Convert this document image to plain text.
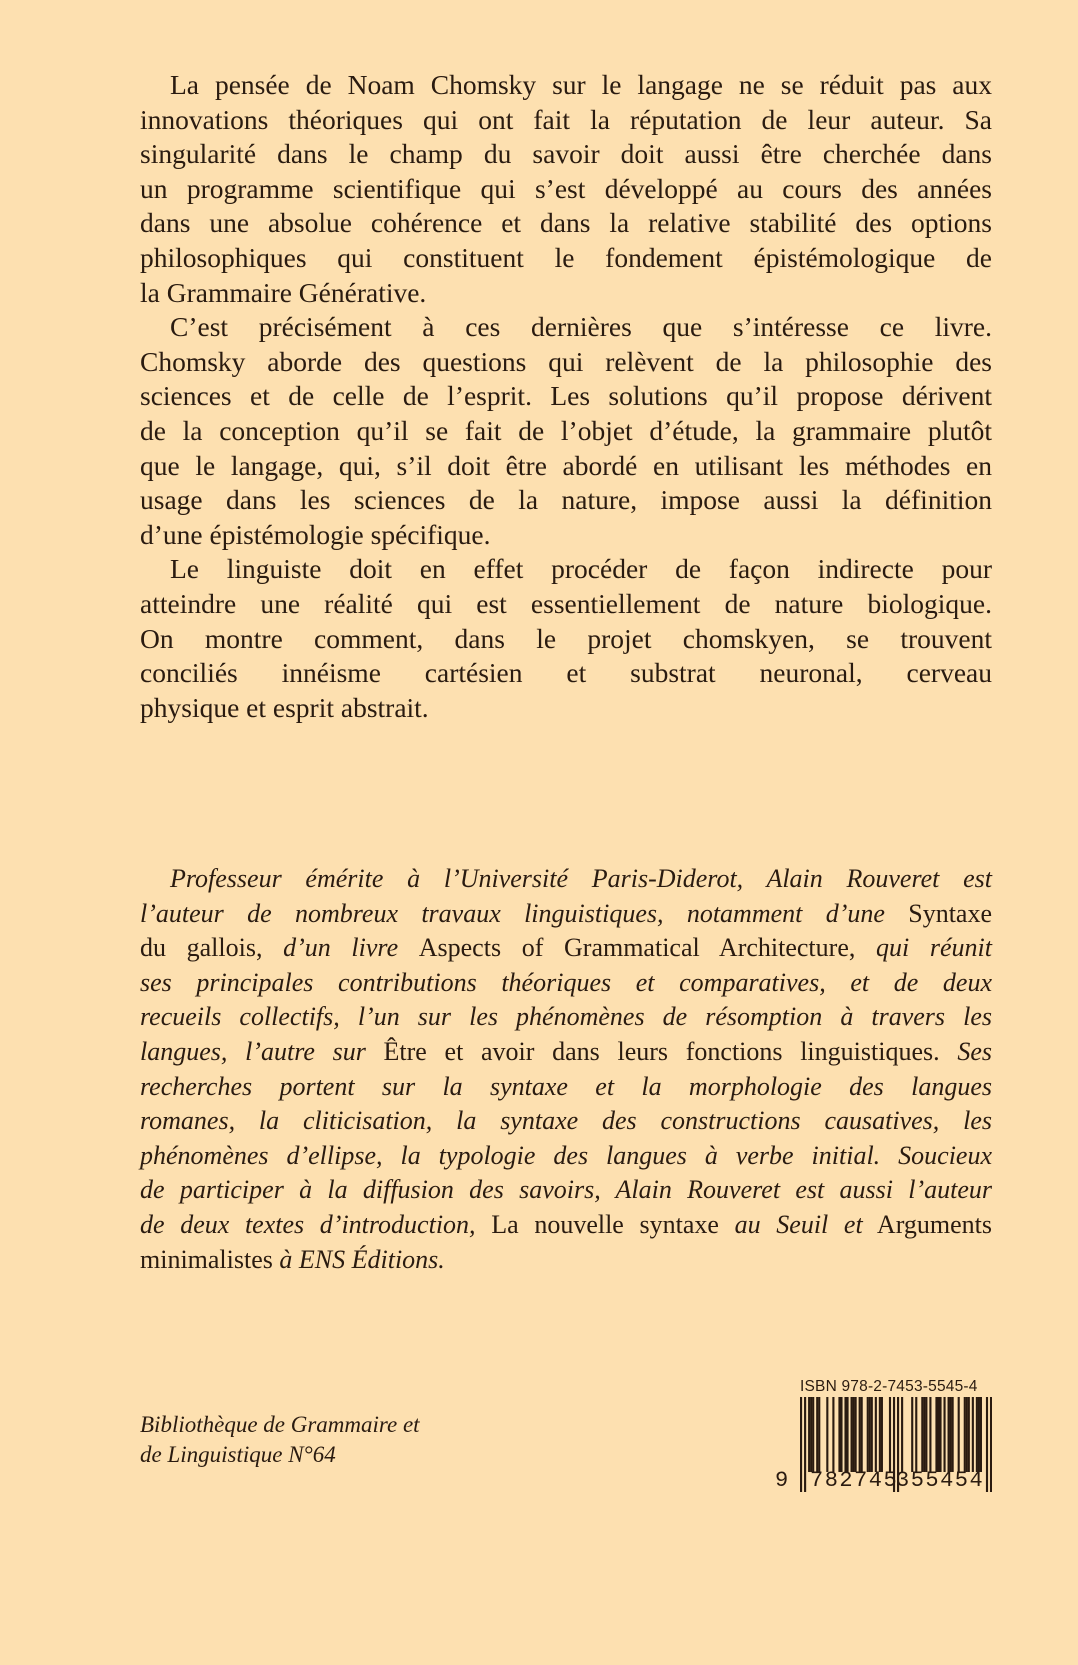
La pensée de Noam Chomsky sur le langage ne se réduit pas aux
innovations théoriques qui ont fait la réputation de leur auteur. Sa
singularité dans le champ du savoir doit aussi être cherchée dans
un programme scientifique qui s’est développé au cours des années
dans une absolue cohérence et dans la relative stabilité des options
philosophiques qui constituent le fondement épistémologique de
la Grammaire Générative.
C’est précisément à ces dernières que s’intéresse ce livre.
Chomsky aborde des questions qui relèvent de la philosophie des
sciences et de celle de l’esprit. Les solutions qu’il propose dérivent
de la conception qu’il se fait de l’objet d’étude, la grammaire plutôt
que le langage, qui, s’il doit être abordé en utilisant les méthodes en
usage dans les sciences de la nature, impose aussi la définition
d’une épistémologie spécifique.
Le linguiste doit en effet procéder de façon indirecte pour
atteindre une réalité qui est essentiellement de nature biologique.
On montre comment, dans le projet chomskyen, se trouvent
conciliés innéisme cartésien et substrat neuronal, cerveau
physique et esprit abstrait.
Professeur émérite à l’Université Paris-Diderot, Alain Rouveret est
l’auteur de nombreux travaux linguistiques, notamment d’une Syntaxe
du gallois, d’un livre Aspects of Grammatical Architecture, qui réunit
ses principales contributions théoriques et comparatives, et de deux
recueils collectifs, l’un sur les phénomènes de résomption à travers les
langues, l’autre sur Être et avoir dans leurs fonctions linguistiques. Ses
recherches portent sur la syntaxe et la morphologie des langues
romanes, la cliticisation, la syntaxe des constructions causatives, les
phénomènes d’ellipse, la typologie des langues à verbe initial. Soucieux
de participer à la diffusion des savoirs, Alain Rouveret est aussi l’auteur
de deux textes d’introduction, La nouvelle syntaxe au Seuil et Arguments
minimalistes à ENS Éditions.
Bibliothèque de Grammaire et
de Linguistique N°64
ISBN 978-2-7453-5545-4
9 782745
355454
